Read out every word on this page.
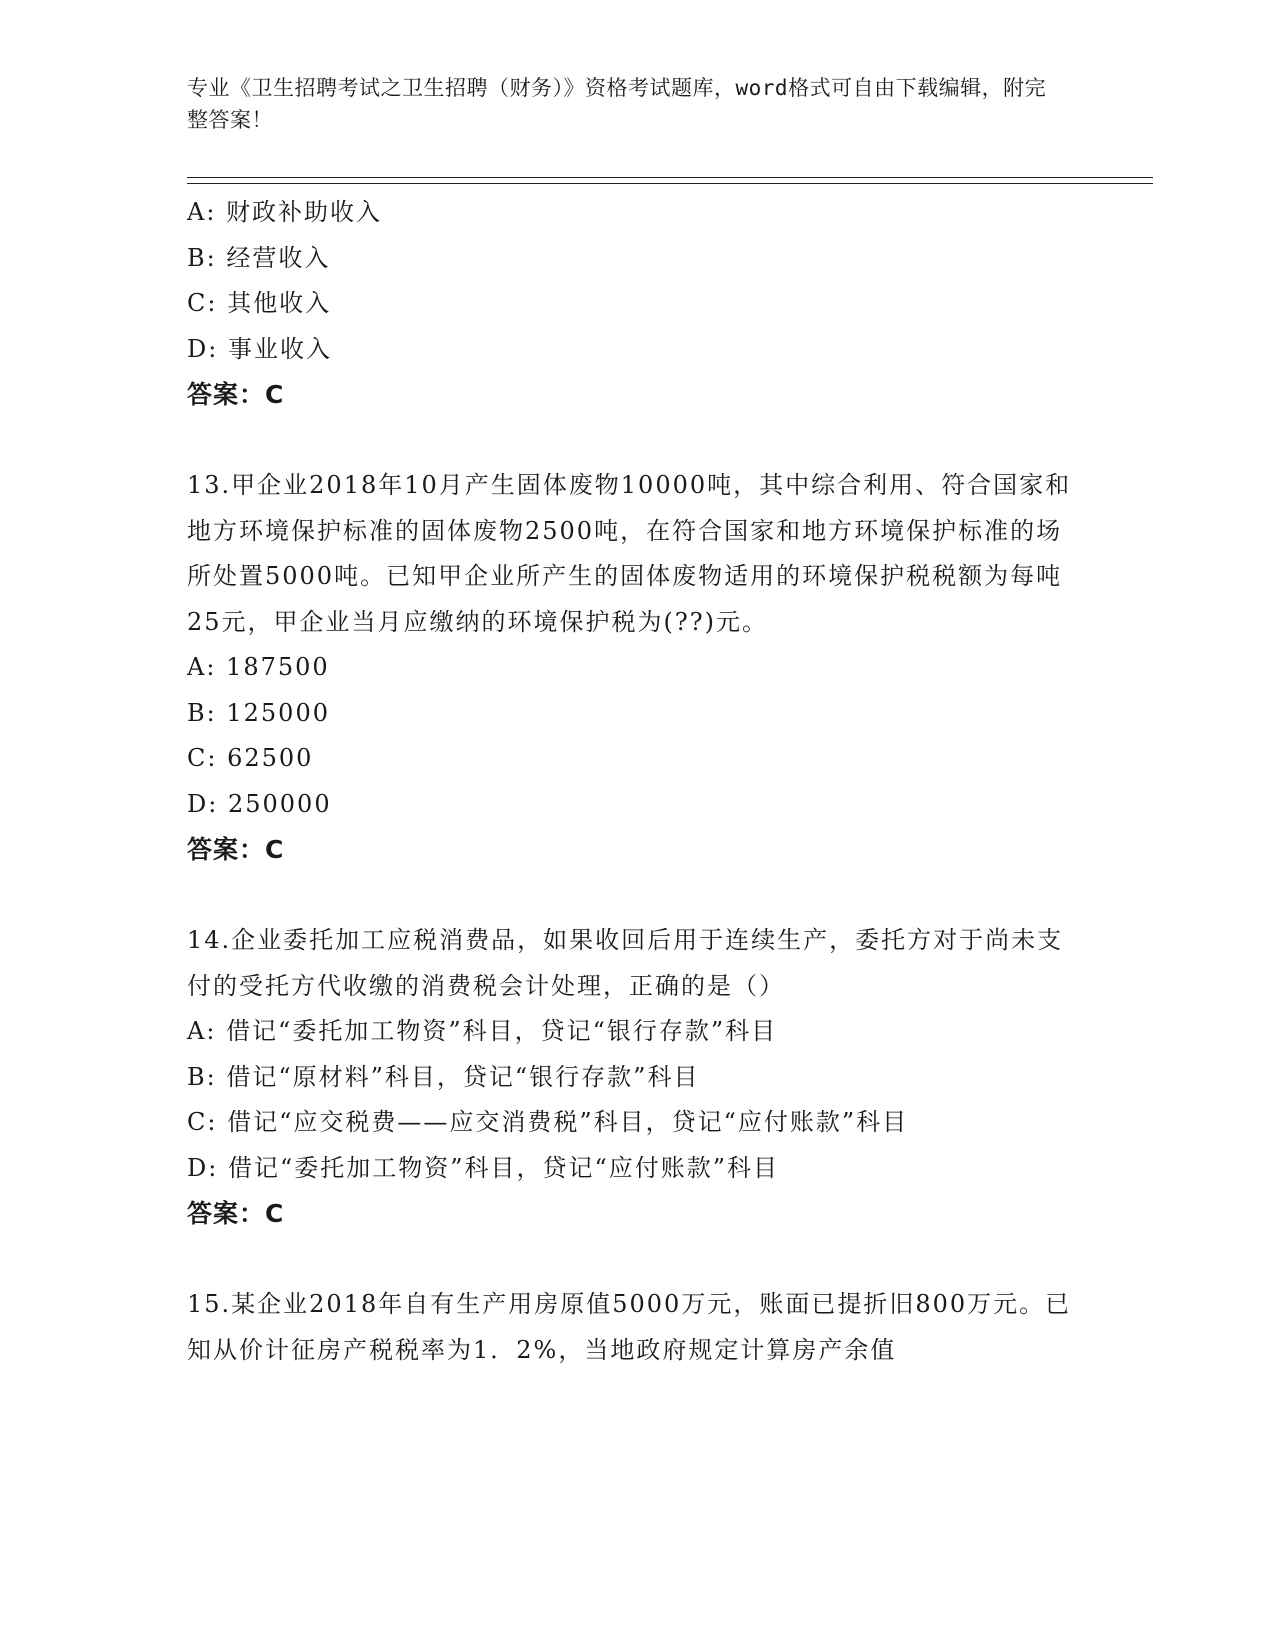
专业《卫生招聘考试之卫生招聘（财务）》资格考试题库，word格式可自由下载编辑，附完整答案！
A: 财政补助收入
B: 经营收入
C: 其他收入
D: 事业收入
答案：C
13.甲企业2018年10月产生固体废物10000吨，其中综合利用、符合国家和地方环境保护标准的固体废物2500吨，在符合国家和地方环境保护标准的场所处置5000吨。已知甲企业所产生的固体废物适用的环境保护税税额为每吨25元，甲企业当月应缴纳的环境保护税为(??)元。
A: 187500
B: 125000
C: 62500
D: 250000
答案：C
14.企业委托加工应税消费品，如果收回后用于连续生产，委托方对于尚未支付的受托方代收缴的消费税会计处理，正确的是（）
A: 借记“委托加工物资”科目，贷记“银行存款”科目
B: 借记“原材料”科目，贷记“银行存款”科目
C: 借记“应交税费——应交消费税”科目，贷记“应付账款”科目
D: 借记“委托加工物资”科目，贷记“应付账款”科目
答案：C
15.某企业2018年自有生产用房原值5000万元，账面已提折旧800万元。已知从价计征房产税税率为1．2%，当地政府规定计算房产余值
